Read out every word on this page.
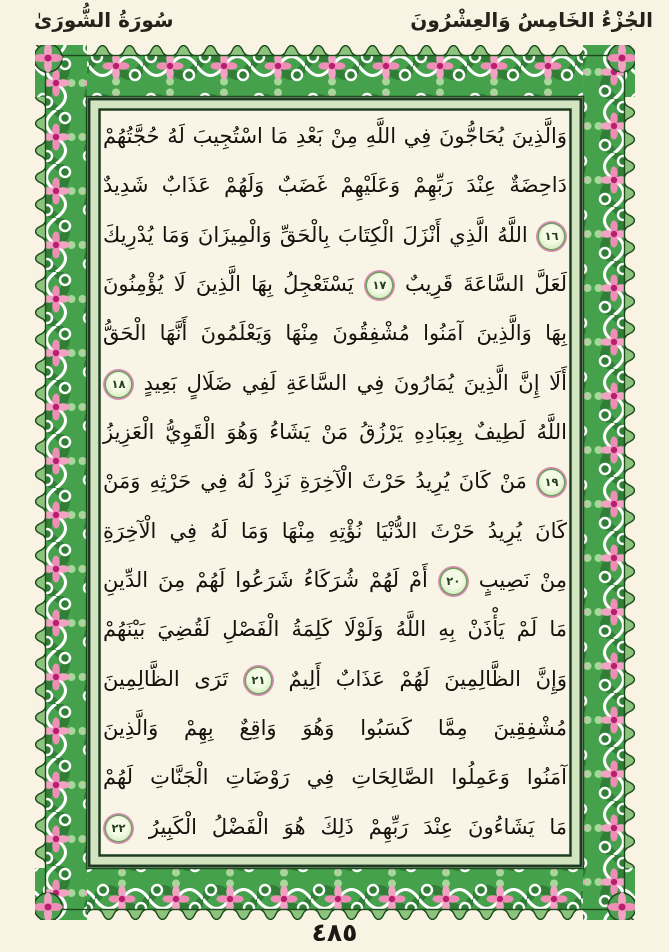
الجُزْءُ الخَامِسُ وَالعِشْرُونَ
سُورَةُ الشُّورَىٰ
وَالَّذِينَ يُحَاجُّونَ فِي اللَّهِ مِنْ بَعْدِ مَا اسْتُجِيبَ لَهُ حُجَّتُهُمْ
دَاحِضَةٌ عِنْدَ رَبِّهِمْ وَعَلَيْهِمْ غَضَبٌ وَلَهُمْ عَذَابٌ شَدِيدٌ
١٦ اللَّهُ الَّذِي أَنْزَلَ الْكِتَابَ بِالْحَقِّ وَالْمِيزَانَ وَمَا يُدْرِيكَ
لَعَلَّ السَّاعَةَ قَرِيبٌ ١٧ يَسْتَعْجِلُ بِهَا الَّذِينَ لَا يُؤْمِنُونَ
بِهَا وَالَّذِينَ آمَنُوا مُشْفِقُونَ مِنْهَا وَيَعْلَمُونَ أَنَّهَا الْحَقُّ
أَلَا إِنَّ الَّذِينَ يُمَارُونَ فِي السَّاعَةِ لَفِي ضَلَالٍ بَعِيدٍ ١٨
اللَّهُ لَطِيفٌ بِعِبَادِهِ يَرْزُقُ مَنْ يَشَاءُ وَهُوَ الْقَوِيُّ الْعَزِيزُ
١٩ مَنْ كَانَ يُرِيدُ حَرْثَ الْآخِرَةِ نَزِدْ لَهُ فِي حَرْثِهِ وَمَنْ
كَانَ يُرِيدُ حَرْثَ الدُّنْيَا نُؤْتِهِ مِنْهَا وَمَا لَهُ فِي الْآخِرَةِ
مِنْ نَصِيبٍ ٢٠ أَمْ لَهُمْ شُرَكَاءُ شَرَعُوا لَهُمْ مِنَ الدِّينِ
مَا لَمْ يَأْذَنْ بِهِ اللَّهُ وَلَوْلَا كَلِمَةُ الْفَصْلِ لَقُضِيَ بَيْنَهُمْ
وَإِنَّ الظَّالِمِينَ لَهُمْ عَذَابٌ أَلِيمٌ ٢١ تَرَى الظَّالِمِينَ
مُشْفِقِينَ مِمَّا كَسَبُوا وَهُوَ وَاقِعٌ بِهِمْ وَالَّذِينَ
آمَنُوا وَعَمِلُوا الصَّالِحَاتِ فِي رَوْضَاتِ الْجَنَّاتِ لَهُمْ
مَا يَشَاءُونَ عِنْدَ رَبِّهِمْ ذَلِكَ هُوَ الْفَضْلُ الْكَبِيرُ ٢٢
٤٨٥
